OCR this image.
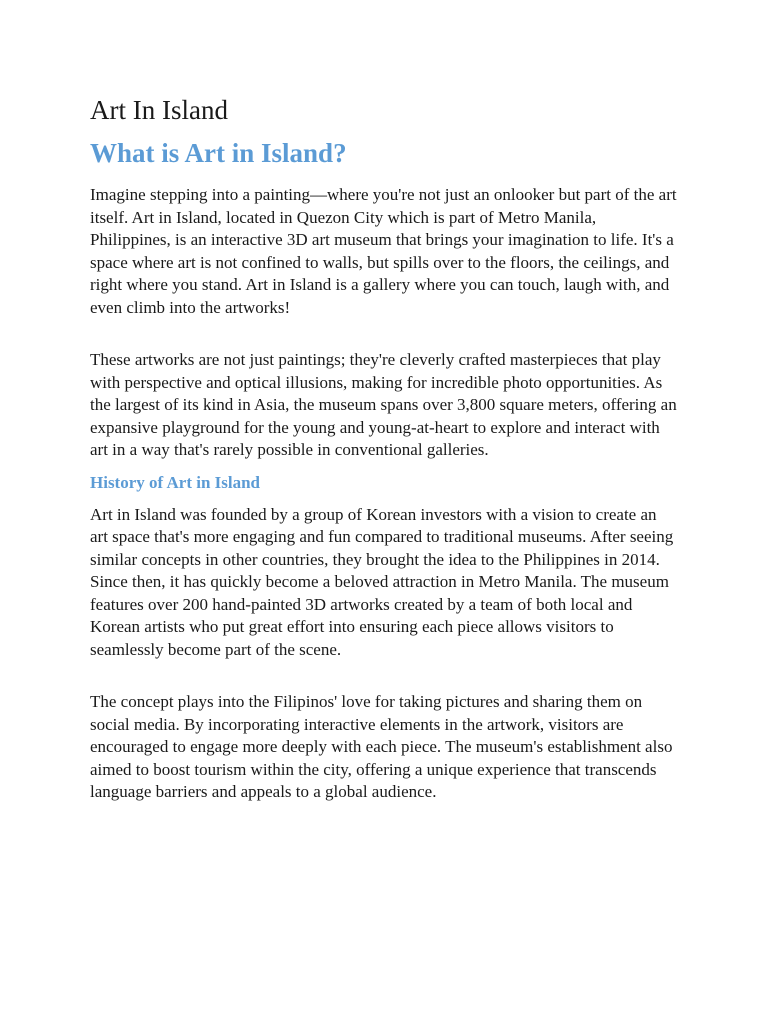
Art In Island
What is Art in Island?

Imagine stepping into a painting—where you're not just an onlooker but part of the art itself. Art in Island, located in Quezon City which is part of Metro Manila, Philippines, is an interactive 3D art museum that brings your imagination to life. It's a space where art is not confined to walls, but spills over to the floors, the ceilings, and right where you stand. Art in Island is a gallery where you can touch, laugh with, and even climb into the artworks!

These artworks are not just paintings; they're cleverly crafted masterpieces that play with perspective and optical illusions, making for incredible photo opportunities. As the largest of its kind in Asia, the museum spans over 3,800 square meters, offering an expansive playground for the young and young-at-heart to explore and interact with art in a way that's rarely possible in conventional galleries.

History of Art in Island

Art in Island was founded by a group of Korean investors with a vision to create an art space that's more engaging and fun compared to traditional museums. After seeing similar concepts in other countries, they brought the idea to the Philippines in 2014. Since then, it has quickly become a beloved attraction in Metro Manila. The museum features over 200 hand-painted 3D artworks created by a team of both local and Korean artists who put great effort into ensuring each piece allows visitors to seamlessly become part of the scene.

The concept plays into the Filipinos' love for taking pictures and sharing them on social media. By incorporating interactive elements in the artwork, visitors are encouraged to engage more deeply with each piece. The museum's establishment also aimed to boost tourism within the city, offering a unique experience that transcends language barriers and appeals to a global audience.
